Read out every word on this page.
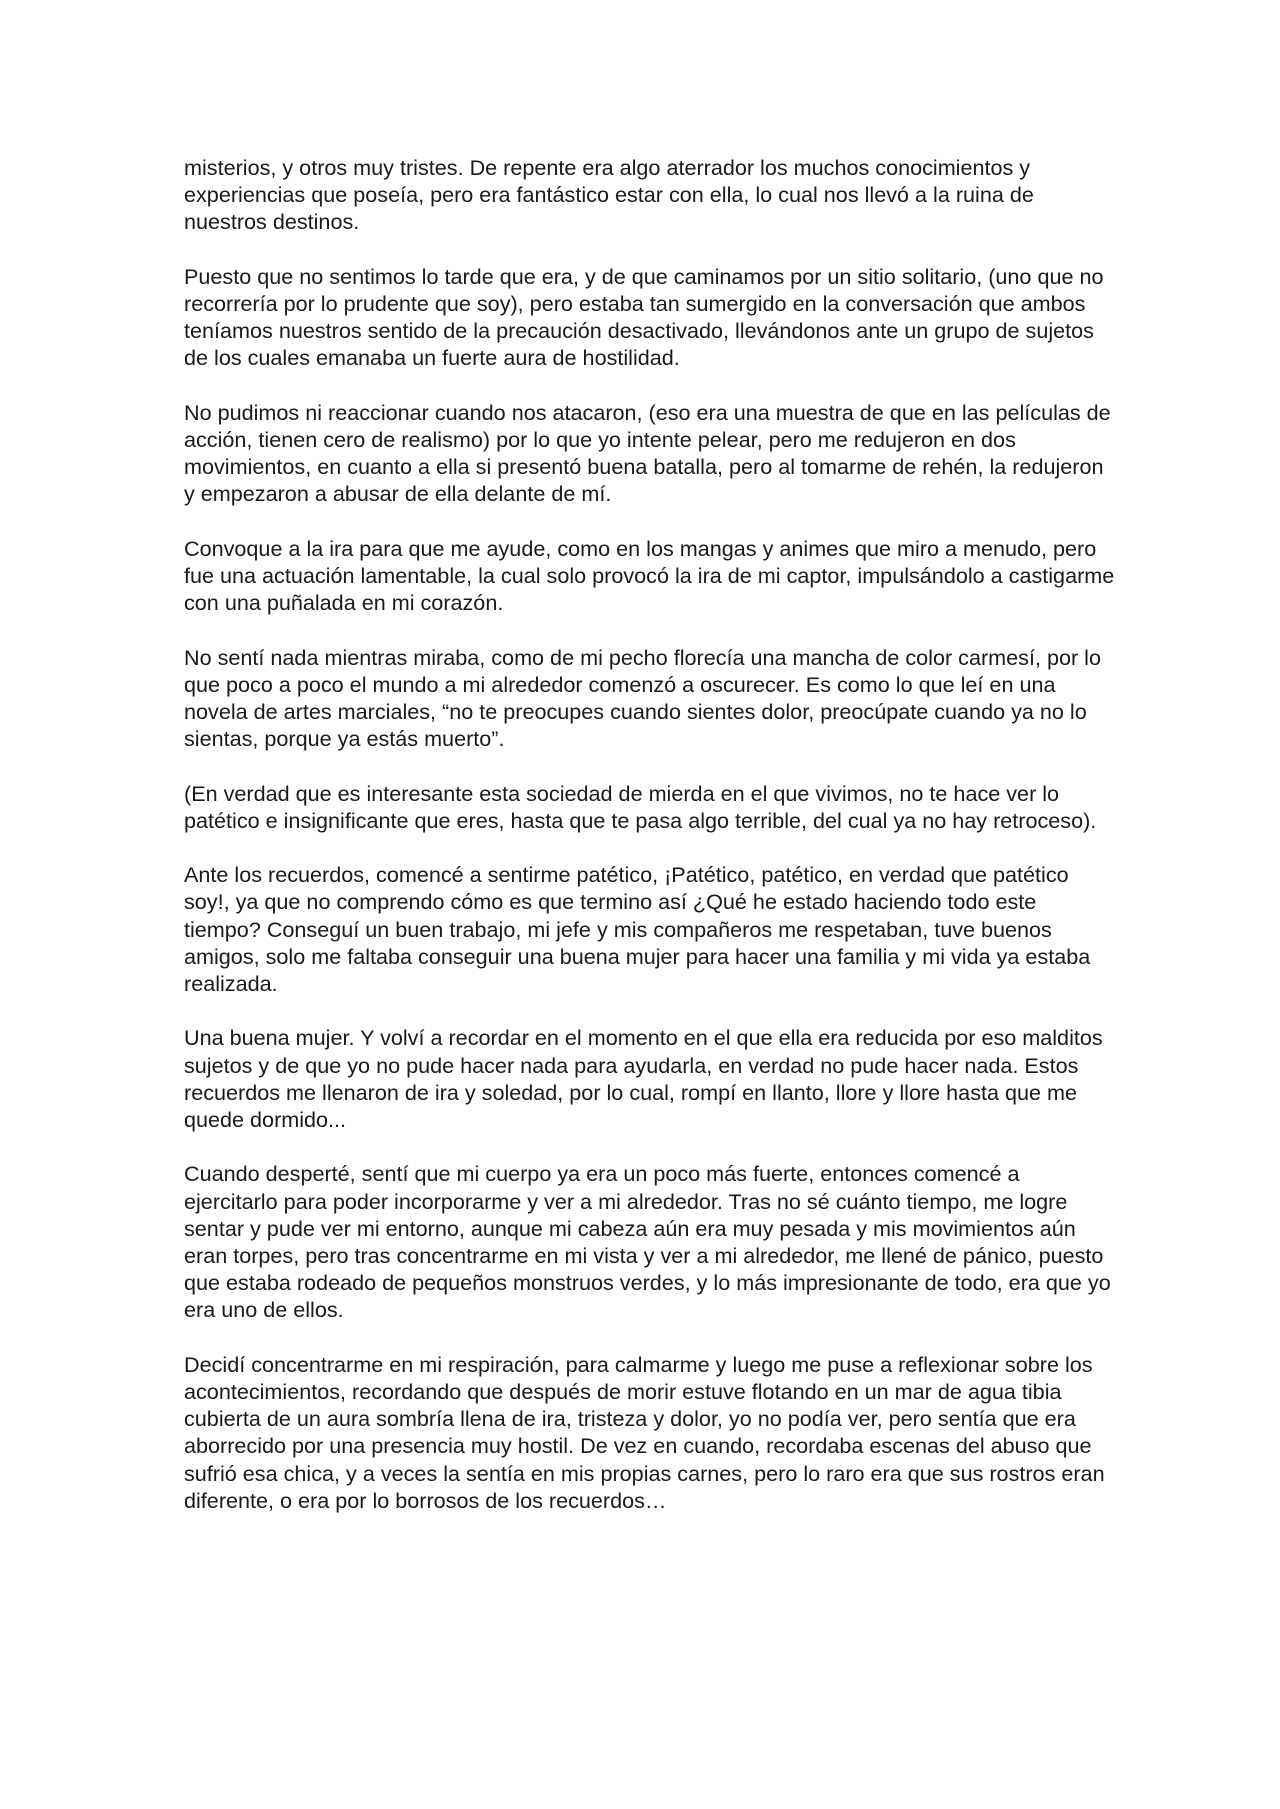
misterios, y otros muy tristes. De repente era algo aterrador los muchos conocimientos y experiencias que poseía, pero era fantástico estar con ella, lo cual nos llevó a la ruina de nuestros destinos.

Puesto que no sentimos lo tarde que era, y de que caminamos por un sitio solitario, (uno que no recorrería por lo prudente que soy), pero estaba tan sumergido en la conversación que ambos teníamos nuestros sentido de la precaución desactivado, llevándonos ante un grupo de sujetos de los cuales emanaba un fuerte aura de hostilidad.

No pudimos ni reaccionar cuando nos atacaron, (eso era una muestra de que en las películas de acción, tienen cero de realismo) por lo que yo intente pelear, pero me redujeron en dos movimientos, en cuanto a ella si presentó buena batalla, pero al tomarme de rehén, la redujeron y empezaron a abusar de ella delante de mí.

Convoque a la ira para que me ayude, como en los mangas y animes que miro a menudo, pero fue una actuación lamentable, la cual solo provocó la ira de mi captor, impulsándolo a castigarme con una puñalada en mi corazón.

No sentí nada mientras miraba, como de mi pecho florecía una mancha de color carmesí, por lo que poco a poco el mundo a mi alrededor comenzó a oscurecer. Es como lo que leí en una novela de artes marciales, “no te preocupes cuando sientes dolor, preocúpate cuando ya no lo sientas, porque ya estás muerto”.

(En verdad que es interesante esta sociedad de mierda en el que vivimos, no te hace ver lo patético e insignificante que eres, hasta que te pasa algo terrible, del cual ya no hay retroceso).

Ante los recuerdos, comencé a sentirme patético, ¡Patético, patético, en verdad que patético soy!, ya que no comprendo cómo es que termino así ¿Qué he estado haciendo todo este tiempo? Conseguí un buen trabajo, mi jefe y mis compañeros me respetaban, tuve buenos amigos, solo me faltaba conseguir una buena mujer para hacer una familia y mi vida ya estaba realizada.

Una buena mujer. Y volví a recordar en el momento en el que ella era reducida por eso malditos sujetos y de que yo no pude hacer nada para ayudarla, en verdad no pude hacer nada. Estos recuerdos me llenaron de ira y soledad, por lo cual, rompí en llanto, llore y llore hasta que me quede dormido...

Cuando desperté, sentí que mi cuerpo ya era un poco más fuerte, entonces comencé a ejercitarlo para poder incorporarme y ver a mi alrededor. Tras no sé cuánto tiempo, me logre sentar y pude ver mi entorno, aunque mi cabeza aún era muy pesada y mis movimientos aún eran torpes, pero tras concentrarme en mi vista y ver a mi alrededor, me llené de pánico, puesto que estaba rodeado de pequeños monstruos verdes, y lo más impresionante de todo, era que yo era uno de ellos.

Decidí concentrarme en mi respiración, para calmarme y luego me puse a reflexionar sobre los acontecimientos, recordando que después de morir estuve flotando en un mar de agua tibia cubierta de un aura sombría llena de ira, tristeza y dolor, yo no podía ver, pero sentía que era aborrecido por una presencia muy hostil. De vez en cuando, recordaba escenas del abuso que sufrió esa chica, y a veces la sentía en mis propias carnes, pero lo raro era que sus rostros eran diferente, o era por lo borrosos de los recuerdos…
